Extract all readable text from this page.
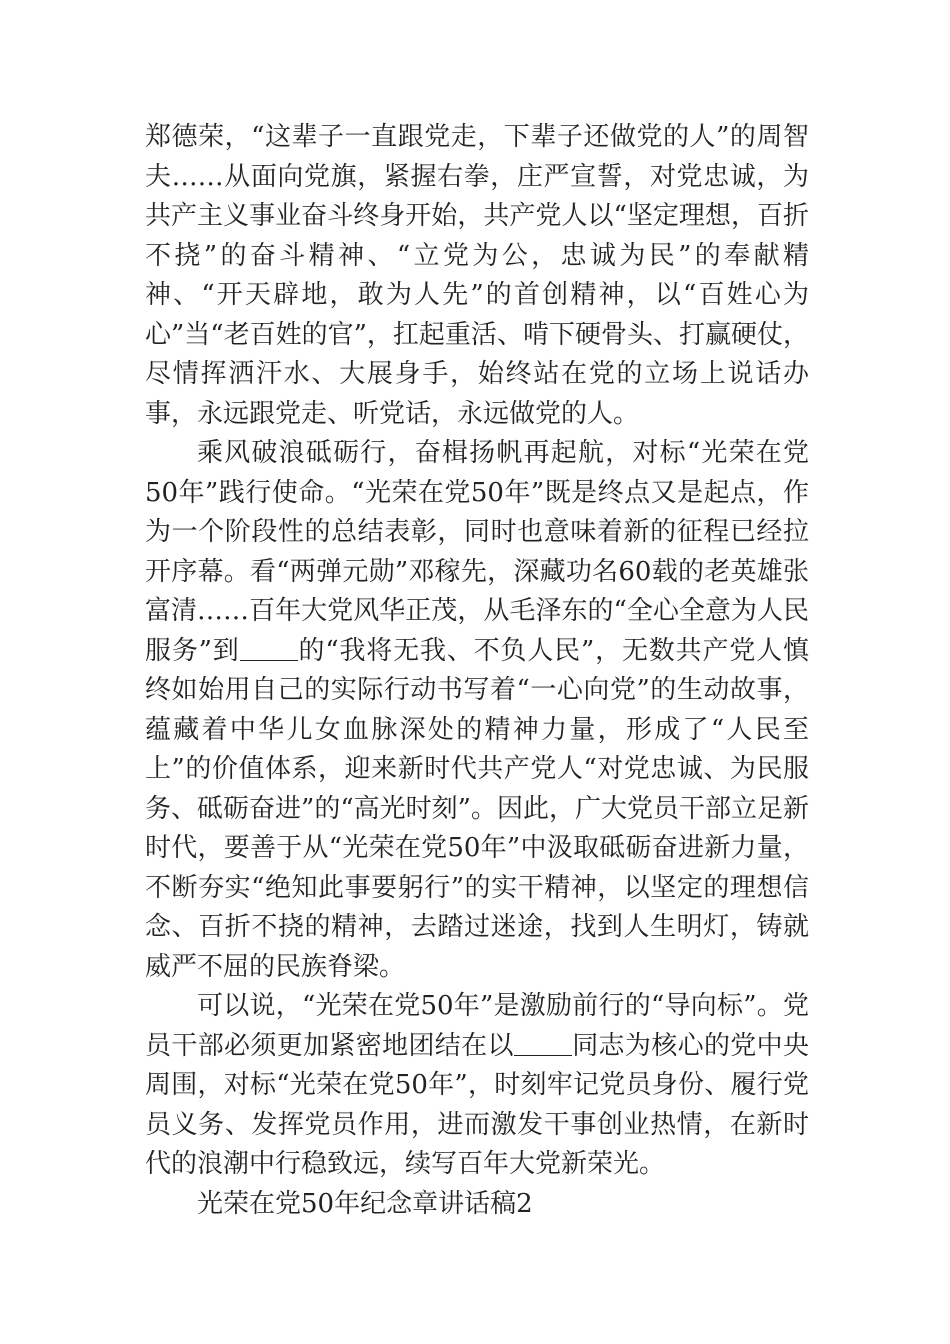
郑德荣，“这辈子一直跟党走，下辈子还做党的人”的周智夫……从面向党旗，紧握右拳，庄严宣誓，对党忠诚，为共产主义事业奋斗终身开始，共产党人以“坚定理想，百折不挠”的奋斗精神、“立党为公，忠诚为民”的奉献精神、“开天辟地，敢为人先”的首创精神，以“百姓心为心”当“老百姓的官”，扛起重活、啃下硬骨头、打赢硬仗，尽情挥洒汗水、大展身手，始终站在党的立场上说话办事，永远跟党走、听党话，永远做党的人。

乘风破浪砥砺行，奋楫扬帆再起航，对标“光荣在党50年”践行使命。“光荣在党50年”既是终点又是起点，作为一个阶段性的总结表彰，同时也意味着新的征程已经拉开序幕。看“两弹元勋”邓稼先，深藏功名60载的老英雄张富清……百年大党风华正茂，从毛泽东的“全心全意为人民服务”到 的“我将无我、不负人民”，无数共产党人慎终如始用自己的实际行动书写着“一心向党”的生动故事，蕴藏着中华儿女血脉深处的精神力量，形成了“人民至上”的价值体系，迎来新时代共产党人“对党忠诚、为民服务、砥砺奋进”的“高光时刻”。因此，广大党员干部立足新时代，要善于从“光荣在党50年”中汲取砥砺奋进新力量，不断夯实“绝知此事要躬行”的实干精神，以坚定的理想信念、百折不挠的精神，去踏过迷途，找到人生明灯，铸就威严不屈的民族脊梁。

可以说，“光荣在党50年”是激励前行的“导向标”。党员干部必须更加紧密地团结在以 同志为核心的党中央周围，对标“光荣在党50年”，时刻牢记党员身份、履行党员义务、发挥党员作用，进而激发干事创业热情，在新时代的浪潮中行稳致远，续写百年大党新荣光。

光荣在党50年纪念章讲话稿2
